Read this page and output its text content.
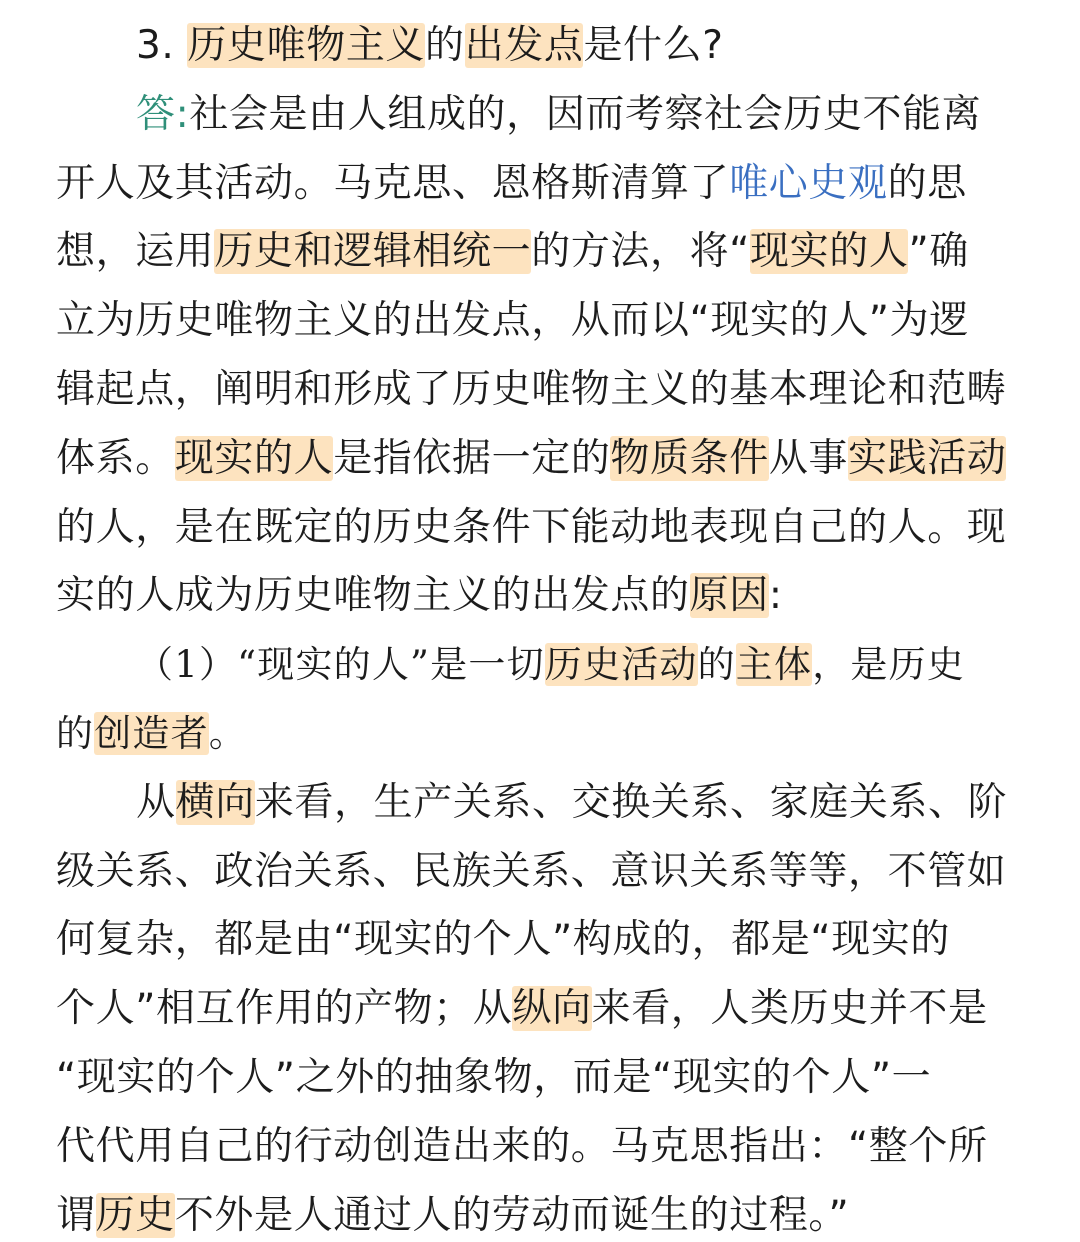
3. 历史唯物主义的出发点是什么?
答:社会是由人组成的，因而考察社会历史不能离
开人及其活动。马克思、恩格斯清算了唯心史观的思
想，运用历史和逻辑相统一的方法，将“现实的人”确
立为历史唯物主义的出发点，从而以“现实的人”为逻
辑起点，阐明和形成了历史唯物主义的基本理论和范畴
体系。现实的人是指依据一定的物质条件从事实践活动
的人，是在既定的历史条件下能动地表现自己的人。现
实的人成为历史唯物主义的出发点的原因:
（1）“现实的人”是一切历史活动的主体，是历史
的创造者。
从横向来看，生产关系、交换关系、家庭关系、阶
级关系、政治关系、民族关系、意识关系等等，不管如
何复杂，都是由“现实的个人”构成的，都是“现实的
个人”相互作用的产物；从纵向来看，人类历史并不是
“现实的个人”之外的抽象物，而是“现实的个人”一
代代用自己的行动创造出来的。马克思指出：“整个所
谓历史不外是人通过人的劳动而诞生的过程。”
